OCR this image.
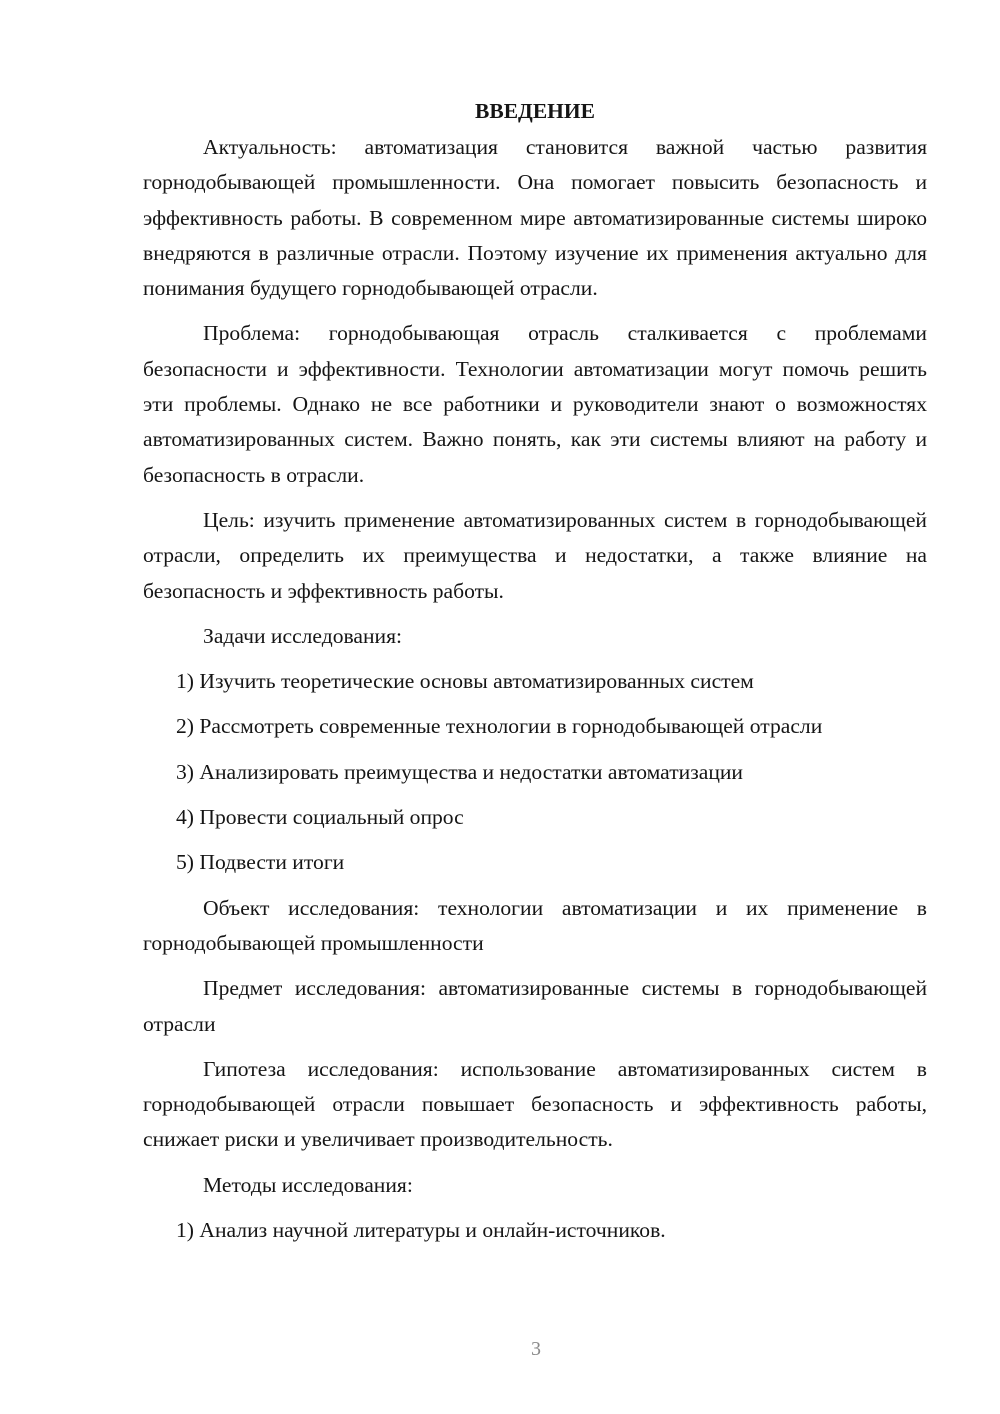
ВВЕДЕНИЕ

Актуальность: автоматизация становится важной частью развития горнодобывающей промышленности. Она помогает повысить безопасность и эффективность работы. В современном мире автоматизированные системы широко внедряются в различные отрасли. Поэтому изучение их применения актуально для понимания будущего горнодобывающей отрасли.

Проблема: горнодобывающая отрасль сталкивается с проблемами безопасности и эффективности. Технологии автоматизации могут помочь решить эти проблемы. Однако не все работники и руководители знают о возможностях автоматизированных систем. Важно понять, как эти системы влияют на работу и безопасность в отрасли.

Цель: изучить применение автоматизированных систем в горнодобывающей отрасли, определить их преимущества и недостатки, а также влияние на безопасность и эффективность работы.

Задачи исследования:

1) Изучить теоретические основы автоматизированных систем
2) Рассмотреть современные технологии в горнодобывающей отрасли
3) Анализировать преимущества и недостатки автоматизации
4) Провести социальный опрос
5) Подвести итоги

Объект исследования: технологии автоматизации и их применение в горнодобывающей промышленности

Предмет исследования: автоматизированные системы в горнодобывающей отрасли

Гипотеза исследования: использование автоматизированных систем в горнодобывающей отрасли повышает безопасность и эффективность работы, снижает риски и увеличивает производительность.

Методы исследования:

1) Анализ научной литературы и онлайн-источников.
3
